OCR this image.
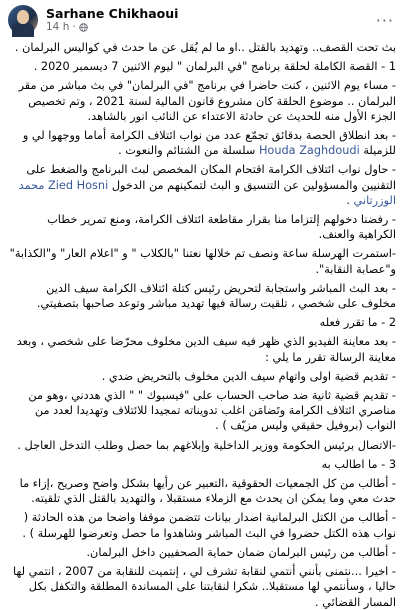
Sarhane Chikhaoui
14 h ·	···

بث تحت القصف.. وتهديد بالقتل ..او ما لم يُقل عن ما حدث في كواليس البرلمان .

1 - القصة الكاملة لحلقة برنامج "في البرلمان " ليوم الاثنين 7 ديسمبر 2020 .

- مساء يوم الاثنين ، كنت حاضرا في برنامج "في البرلمان" في بث مباشر من مقر البرلمان .. موضوع الحلقة كان مشروع قانون المالية لسنة 2021 ، وتم تخصيص الجزء الأول منه للحديث عن حادثة الاعتداء عن النائب انور بالشاهد.

- بعد انطلاق الحصة بدقائق تجمّع عدد من نواب ائتلاف الكرامة أماما ووجهوا لي و للزميلة Houda Zaghdoudi سلسلة من الشتائم والنعوت .

- حاول نواب ائتلاف الكرامة اقتحام المكان المخصص لبث البرنامج والضغط على التقنيين والمسؤولين عن التنسيق و البث لتمكينهم من الدخول Zied Hosni محمد الوزرتاني .

- رفضنا دخولهم إلتزاما منا بقرار مقاطعة ائتلاف الكرامة، ومنع تمرير خطاب الكراهية والعنف.

-استمرت الهرسلة ساعة ونصف تم خلالها نعتنا "بالكلاب " و "اعلام العار" و"الكذابة" و"عصابة النقابة".

- بعد البث المباشر واستجابة لتحريض رئيس كتلة ائتلاف الكرامة سيف الدين مخلوف على شخصي ، تلقيت رسالة فيها تهديد مباشر وتوعد صاحبها بتصفيتي.

2 - ما تقرر فعله

- بعد معاينة الفيديو الذي ظهر فيه سيف الدين مخلوف محرّضا على شخصي ، وبعد معاينة الرسالة تقرر ما يلي :

- تقديم قضية اولى واتهام سيف الدين مخلوف بالتحريض ضدي .

- تقديم قضية ثانية ضد صاحب الحساب على "فيسبوك " " الذي هددني ،وهو من مناصري ائتلاف الكرامة وتَضامَن اغلب تدويناته تمجيدا للائتلاف وتهديدا لعدد من النواب (بروفيل حقيقي وليس مزيّف ) .

-الاتصال برئيس الحكومة ووزير الداخلية وإبلاغهم بما حصل وطلب التدخل العاجل .

3 - ما اطالب به

- أطالب من كل الجمعيات الحقوقية ،التعبير عن رأيها بشكل واضح وصريح ،إزاء ما حدث معي وما يمكن ان يحدث مع الزملاء مستقبلا ، والتهديد بالقتل الذي تلقيته.

- أطالب من الكتل البرلمانية اصدار بيانات تتضمن موقفا واضحا من هذه الحادثة ( نواب هذه الكتل حضروا في البث المباشر وشاهدوا ما حصل وتعرضوا للهرسلة ) .

- أطالب من رئيس البرلمان ضمان حماية الصحفيين داخل البرلمان.

- اخيرا ...نتمنى بأنني أنتمي لنقابة تشرف لي ، إنتميت للنقابة من 2007 ، انتمي لها حاليا ، وسأنتمي لها مستقبلا.. شكرا لنقابتنا على المساندة المطلقة والتكفل بكل المسار القضائي .
